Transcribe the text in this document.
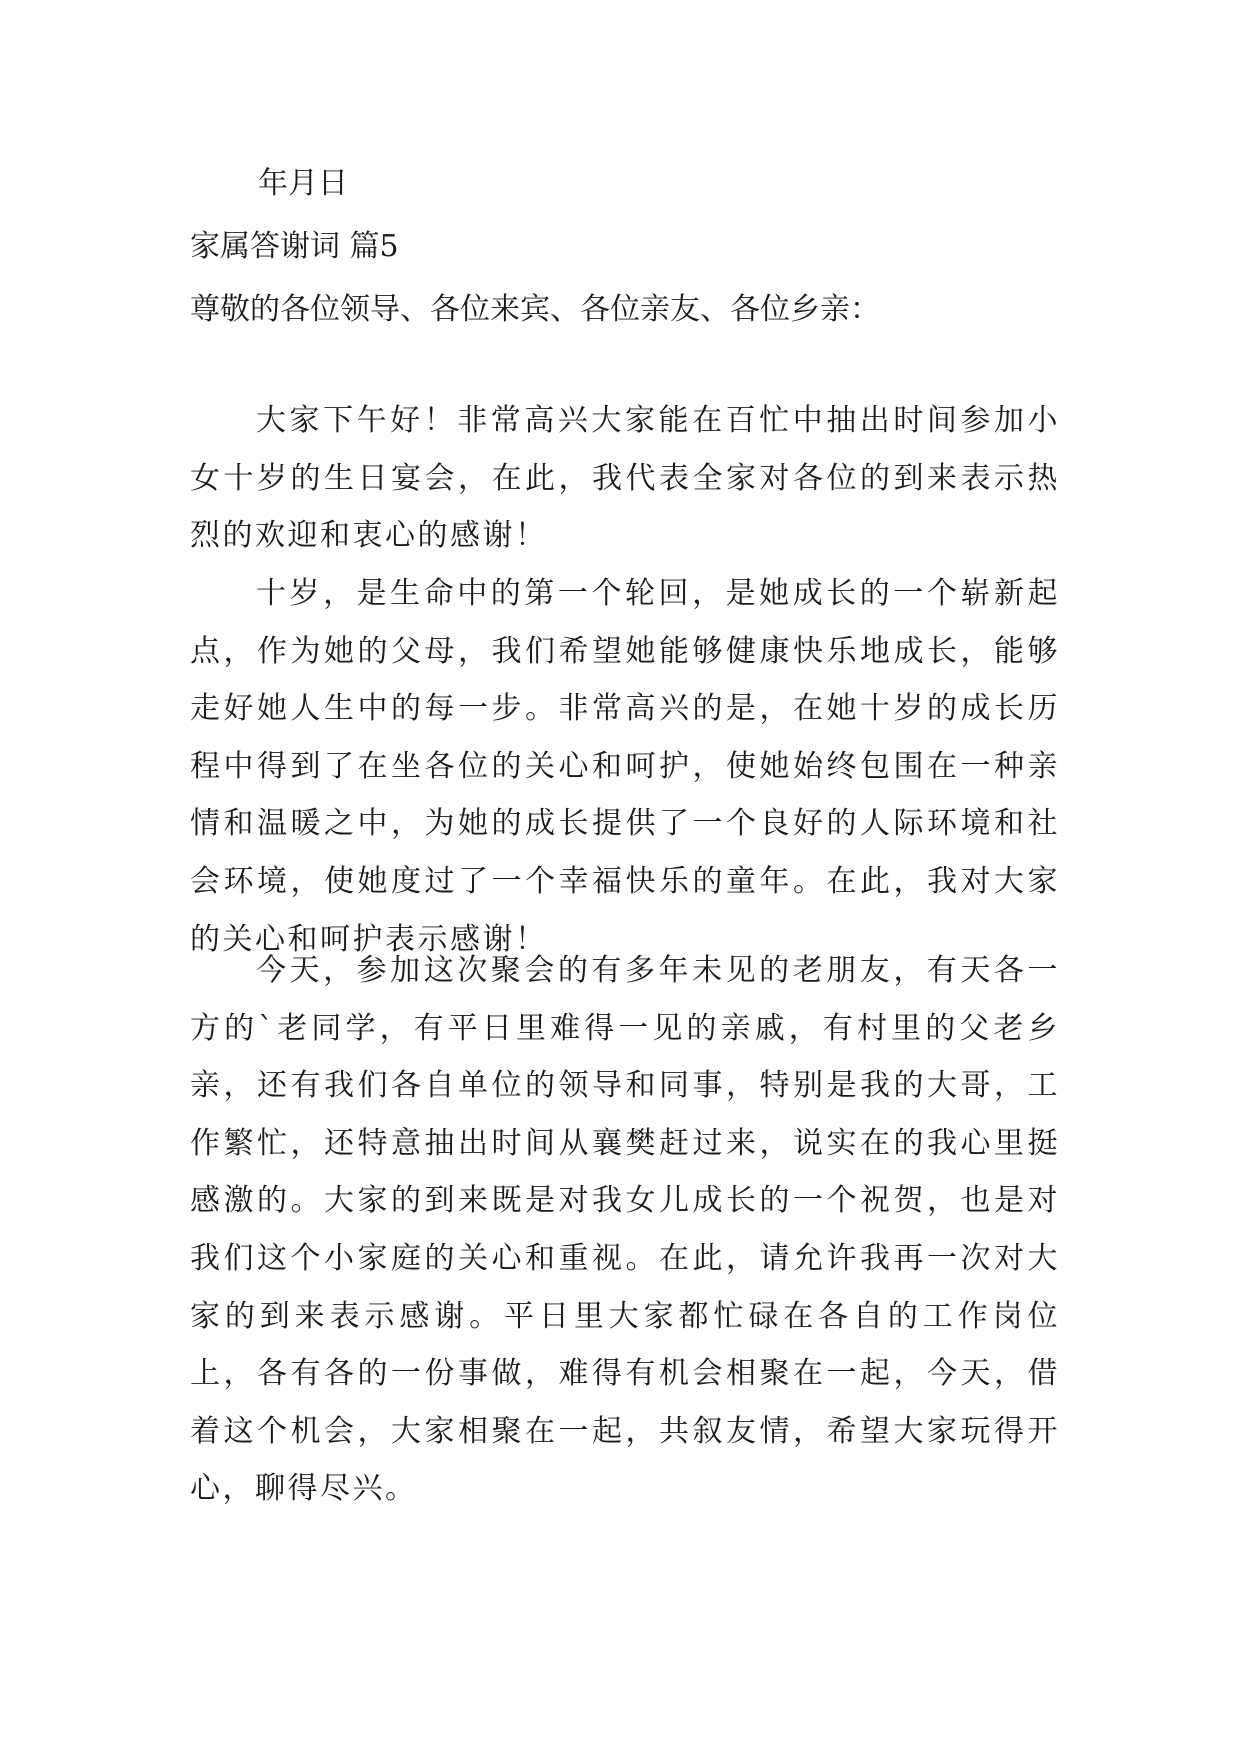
年月日

家属答谢词 篇5

尊敬的各位领导、各位来宾、各位亲友、各位乡亲：

大家下午好！非常高兴大家能在百忙中抽出时间参加小女十岁的生日宴会，在此，我代表全家对各位的到来表示热烈的欢迎和衷心的感谢！

十岁，是生命中的第一个轮回，是她成长的一个崭新起点，作为她的父母，我们希望她能够健康快乐地成长，能够走好她人生中的每一步。非常高兴的是，在她十岁的成长历程中得到了在坐各位的关心和呵护，使她始终包围在一种亲情和温暖之中，为她的成长提供了一个良好的人际环境和社会环境，使她度过了一个幸福快乐的童年。在此，我对大家的关心和呵护表示感谢！

今天，参加这次聚会的有多年未见的老朋友，有天各一方的`老同学，有平日里难得一见的亲戚，有村里的父老乡亲，还有我们各自单位的领导和同事，特别是我的大哥，工作繁忙，还特意抽出时间从襄樊赶过来，说实在的我心里挺感激的。大家的到来既是对我女儿成长的一个祝贺，也是对我们这个小家庭的关心和重视。在此，请允许我再一次对大家的到来表示感谢。平日里大家都忙碌在各自的工作岗位上，各有各的一份事做，难得有机会相聚在一起，今天，借着这个机会，大家相聚在一起，共叙友情，希望大家玩得开心，聊得尽兴。
